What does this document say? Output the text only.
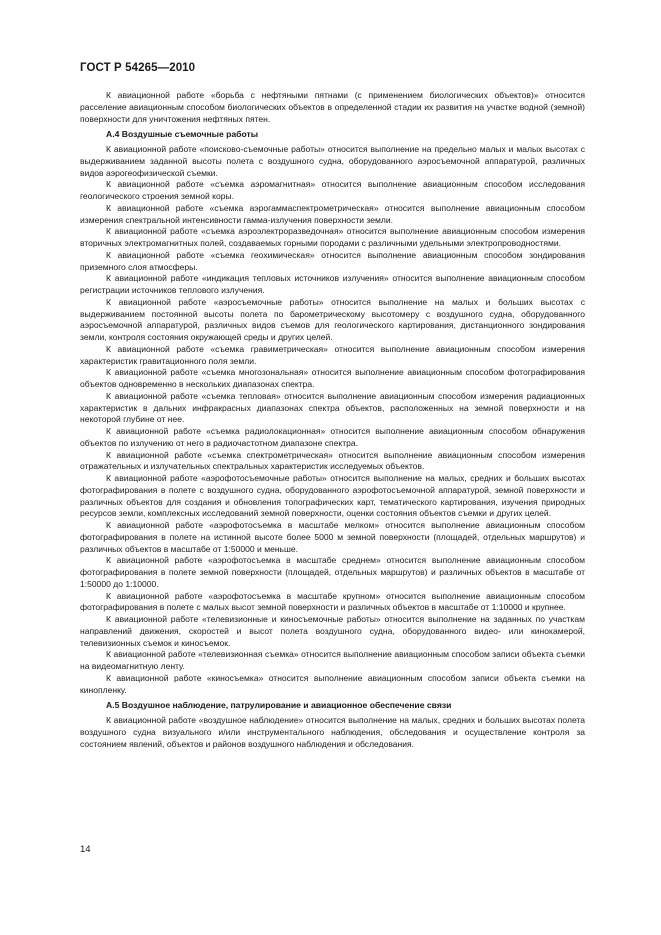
ГОСТ Р 54265—2010

К авиационной работе «борьба с нефтяными пятнами (с применением биологических объектов)» относится расселение авиационным способом биологических объектов в определенной стадии их развития на участке водной (земной) поверхности для уничтожения нефтяных пятен.

А.4 Воздушные съемочные работы

К авиационной работе «поисково-съемочные работы» относится выполнение на предельно малых и малых высотах с выдерживанием заданной высоты полета с воздушного судна, оборудованного аэросъемочной аппаратурой, различных видов аэрогеофизической съемки.

К авиационной работе «съемка аэромагнитная» относится выполнение авиационным способом исследования геологического строения земной коры.

К авиационной работе «съемка аэрогаммаспектрометрическая» относится выполнение авиационным способом измерения спектральной интенсивности гамма-излучения поверхности земли.

К авиационной работе «съемка аэроэлектроразведочная» относится выполнение авиационным способом измерения вторичных электромагнитных полей, создаваемых горными породами с различными удельными электропроводностями.

К авиационной работе «съемка геохимическая» относится выполнение авиационным способом зондирования приземного слоя атмосферы.

К авиационной работе «индикация тепловых источников излучения» относится выполнение авиационным способом регистрации источников теплового излучения.

К авиационной работе «аэросъемочные работы» относится выполнение на малых и больших высотах с выдерживанием постоянной высоты полета по барометрическому высотомеру с воздушного судна, оборудованного аэросъемочной аппаратурой, различных видов съемов для геологического картирования, дистанционного зондирования земли, контроля состояния окружающей среды и других целей.

К авиационной работе «съемка гравиметрическая» относится выполнение авиационным способом измерения характеристик гравитационного поля земли.

К авиационной работе «съемка многозональная» относится выполнение авиационным способом фотографирования объектов одновременно в нескольких диапазонах спектра.

К авиационной работе «съемка тепловая» относится выполнение авиационным способом измерения радиационных характеристик в дальних инфракрасных диапазонах спектра объектов, расположенных на земной поверхности и на некоторой глубине от нее.

К авиационной работе «съемка радиолокационная» относится выполнение авиационным способом обнаружения объектов по излучению от него в радиочастотном диапазоне спектра.

К авиационной работе «съемка спектрометрическая» относится выполнение авиационным способом измерения отражательных и излучательных спектральных характеристик исследуемых объектов.

К авиационной работе «аэрофотосъемочные работы» относится выполнение на малых, средних и больших высотах фотографирования в полете с воздушного судна, оборудованного аэрофотосъемочной аппаратурой, земной поверхности и различных объектов для создания и обновления топографических карт, тематического картирования, изучения природных ресурсов земли, комплексных исследований земной поверхности, оценки состояния объектов съемки и других целей.

К авиационной работе «аэрофотосъемка в масштабе мелком» относится выполнение авиационным способом фотографирования в полете на истинной высоте более 5000 м земной поверхности (площадей, отдельных маршрутов) и различных объектов в масштабе от 1:50000 и меньше.

К авиационной работе «аэрофотосъемка в масштабе среднем» относится выполнение авиационным способом фотографирования в полете земной поверхности (площадей, отдельных маршрутов) и различных объектов в масштабе от 1:50000 до 1:10000.

К авиационной работе «аэрофотосъемка в масштабе крупном» относится выполнение авиационным способом фотографирования в полете с малых высот земной поверхности и различных объектов в масштабе от 1:10000 и крупнее.

К авиационной работе «телевизионные и киносъемочные работы» относится выполнение на заданных по участкам направлений движения, скоростей и высот полета воздушного судна, оборудованного видео- или кинокамерой, телевизионных съемок и киносъемок.

К авиационной работе «телевизионная съемка» относится выполнение авиационным способом записи объекта съемки на видеомагнитную ленту.

К авиационной работе «киносъемка» относится выполнение авиационным способом записи объекта съемки на кинопленку.

А.5 Воздушное наблюдение, патрулирование и авиационное обеспечение связи

К авиационной работе «воздушное наблюдение» относится выполнение на малых, средних и больших высотах полета воздушного судна визуального и/или инструментального наблюдения, обследования и осуществление контроля за состоянием явлений, объектов и районов воздушного наблюдения и обследования.

14
